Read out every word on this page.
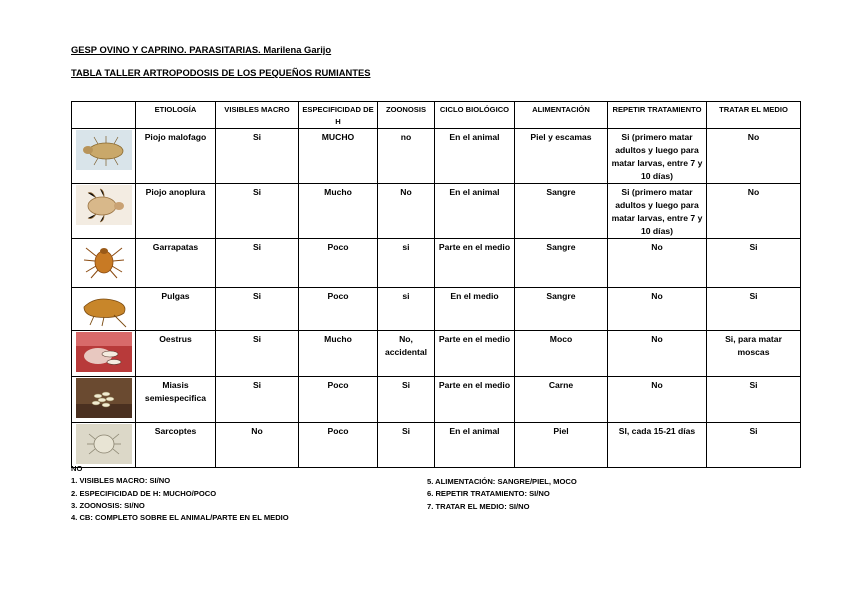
GESP OVINO Y CAPRINO. PARASITARIAS. Marilena Garijo
TABLA TALLER ARTROPODOSIS DE LOS PEQUEÑOS RUMIANTES
	ETIOLOGÍA	VISIBLES MACRO	ESPECIFICIDAD DE H	ZOONOSIS	CICLO BIOLÓGICO	ALIMENTACIÓN	REPETIR TRATAMIENTO	TRATAR EL MEDIO

	Piojo malofago	Si	MUCHO	no	En el animal	Piel y escamas	Si (primero matar adultos y luego para matar larvas, entre 7 y 10 días)	No

	Piojo anoplura	Si	Mucho	No	En el animal	Sangre	Si (primero matar adultos y luego para matar larvas, entre 7 y 10 días)	No

	Garrapatas	Si	Poco	si	Parte en el medio	Sangre	No	Si

	Pulgas	Si	Poco	si	En el medio	Sangre	No	Si

	Oestrus	Si	Mucho	No, accidental	Parte en el medio	Moco	No	Si, para matar moscas

	Miasis semiespecifica	Si	Poco	Si	Parte en el medio	Carne	No	Si

	Sarcoptes	No	Poco	Si	En el animal	Piel	SI, cada 15-21 días	Si
NO
1. VISIBLES MACRO: SI/NO
2. ESPECIFICIDAD DE H: MUCHO/POCO
3. ZOONOSIS: SI/NO
4. CB: COMPLETO SOBRE EL ANIMAL/PARTE EN EL MEDIO
5. ALIMENTACIÓN: SANGRE/PIEL, MOCO
6. REPETIR TRATAMIENTO: SI/NO
7. TRATAR EL MEDIO: SI/NO
